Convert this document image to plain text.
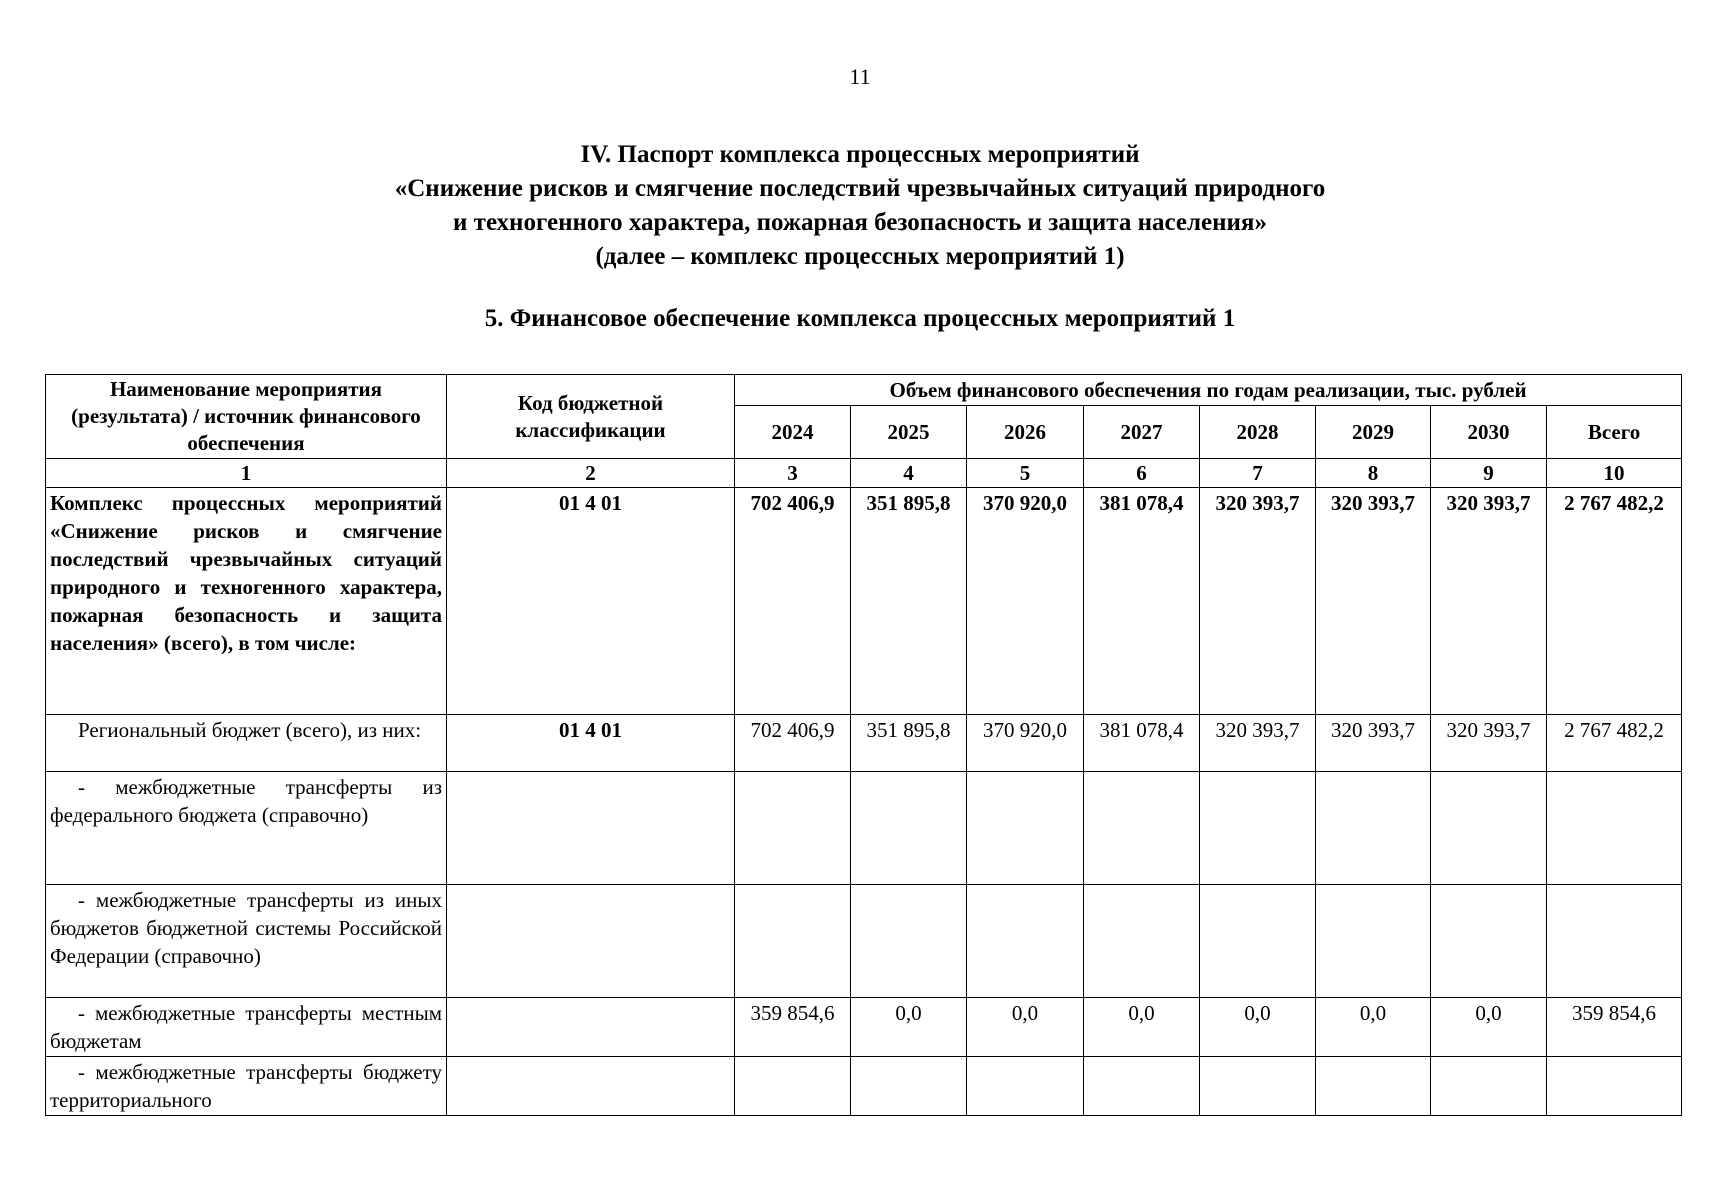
11
IV. Паспорт комплекса процессных мероприятий
«Снижение рисков и смягчение последствий чрезвычайных ситуаций природного
и техногенного характера, пожарная безопасность и защита населения»
(далее – комплекс процессных мероприятий 1)
5. Финансовое обеспечение комплекса процессных мероприятий 1
Наименование мероприятия (результата) / источник финансового обеспечения	Код бюджетной классификации	Объем финансового обеспечения по годам реализации, тыс. рублей							
		2024	2025	2026	2027	2028	2029	2030	Всего
1	2	3	4	5	6	7	8	9	10
Комплекс процессных мероприятий «Снижение рисков и смягчение последствий чрезвычайных ситуаций природного и техногенного характера, пожарная безопасность и защита населения» (всего), в том числе:	01 4 01	702 406,9	351 895,8	370 920,0	381 078,4	320 393,7	320 393,7	320 393,7	2 767 482,2
Региональный бюджет (всего), из них:	01 4 01	702 406,9	351 895,8	370 920,0	381 078,4	320 393,7	320 393,7	320 393,7	2 767 482,2
- межбюджетные трансферты из федерального бюджета (справочно)									
- межбюджетные трансферты из иных бюджетов бюджетной системы Российской Федерации (справочно)									
- межбюджетные трансферты местным бюджетам		359 854,6	0,0	0,0	0,0	0,0	0,0	0,0	359 854,6
- межбюджетные трансферты бюджету территориального									
